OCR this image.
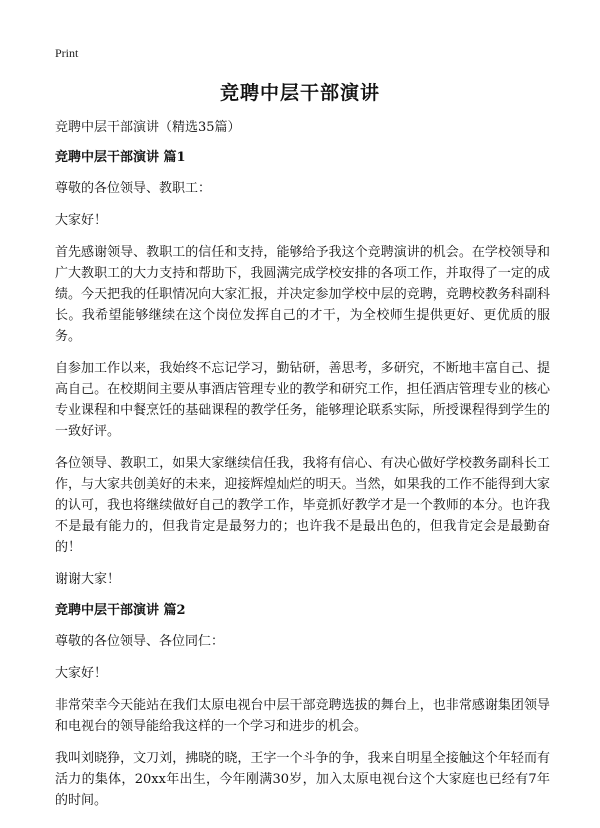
Print
竞聘中层干部演讲
竞聘中层干部演讲（精选35篇）
竞聘中层干部演讲 篇1

尊敬的各位领导、教职工：

大家好！

首先感谢领导、教职工的信任和支持，能够给予我这个竞聘演讲的机会。在学校领导和广大教职工的大力支持和帮助下，我圆满完成学校安排的各项工作，并取得了一定的成绩。今天把我的任职情况向大家汇报，并决定参加学校中层的竞聘，竞聘校教务科副科长。我希望能够继续在这个岗位发挥自己的才干，为全校师生提供更好、更优质的服务。

自参加工作以来，我始终不忘记学习，勤钻研，善思考，多研究，不断地丰富自己、提高自己。在校期间主要从事酒店管理专业的教学和研究工作，担任酒店管理专业的核心专业课程和中餐烹饪的基础课程的教学任务，能够理论联系实际，所授课程得到学生的一致好评。

各位领导、教职工，如果大家继续信任我，我将有信心、有决心做好学校教务副科长工作，与大家共创美好的未来，迎接辉煌灿烂的明天。当然，如果我的工作不能得到大家的认可，我也将继续做好自己的教学工作，毕竟抓好教学才是一个教师的本分。也许我不是最有能力的，但我肯定是最努力的；也许我不是最出色的，但我肯定会是最勤奋的！

谢谢大家！

竞聘中层干部演讲 篇2

尊敬的各位领导、各位同仁：

大家好！

非常荣幸今天能站在我们太原电视台中层干部竞聘选拔的舞台上，也非常感谢集团领导和电视台的领导能给我这样的一个学习和进步的机会。

我叫刘晓狰，文刀刘，拂晓的晓，王字一个斗争的争，我来自明星全接触这个年轻而有活力的集体，20xx年出生，今年刚满30岁，加入太原电视台这个大家庭也已经有7年的时间。
